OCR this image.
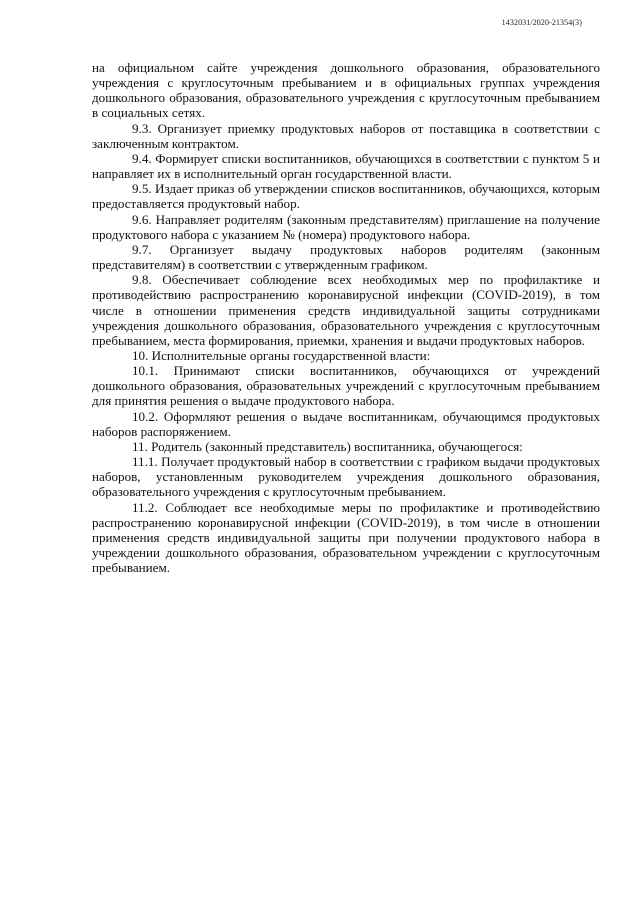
1432031/2020-21354(3)

на официальном сайте учреждения дошкольного образования, образовательного учреждения с круглосуточным пребыванием и в официальных группах учреждения дошкольного образования, образовательного учреждения с круглосуточным пребыванием в социальных сетях.

9.3. Организует приемку продуктовых наборов от поставщика в соответствии с заключенным контрактом.

9.4. Формирует списки воспитанников, обучающихся в соответствии с пунктом 5 и направляет их в исполнительный орган государственной власти.

9.5. Издает приказ об утверждении списков воспитанников, обучающихся, которым предоставляется продуктовый набор.

9.6. Направляет родителям (законным представителям) приглашение на получение продуктового набора с указанием № (номера) продуктового набора.

9.7. Организует выдачу продуктовых наборов родителям (законным представителям) в соответствии с утвержденным графиком.

9.8. Обеспечивает соблюдение всех необходимых мер по профилактике и противодействию распространению коронавирусной инфекции (COVID-2019), в том числе в отношении применения средств индивидуальной защиты сотрудниками учреждения дошкольного образования, образовательного учреждения с круглосуточным пребыванием, места формирования, приемки, хранения и выдачи продуктовых наборов.

10. Исполнительные органы государственной власти:

10.1. Принимают списки воспитанников, обучающихся от учреждений дошкольного образования, образовательных учреждений с круглосуточным пребыванием для принятия решения о выдаче продуктового набора.

10.2. Оформляют решения о выдаче воспитанникам, обучающимся продуктовых наборов распоряжением.

11. Родитель (законный представитель) воспитанника, обучающегося:

11.1. Получает продуктовый набор в соответствии с графиком выдачи продуктовых наборов, установленным руководителем учреждения дошкольного образования, образовательного учреждения с круглосуточным пребыванием.

11.2. Соблюдает все необходимые меры по профилактике и противодействию распространению коронавирусной инфекции (COVID-2019), в том числе в отношении применения средств индивидуальной защиты при получении продуктового набора в учреждении дошкольного образования, образовательном учреждении с круглосуточным пребыванием.
